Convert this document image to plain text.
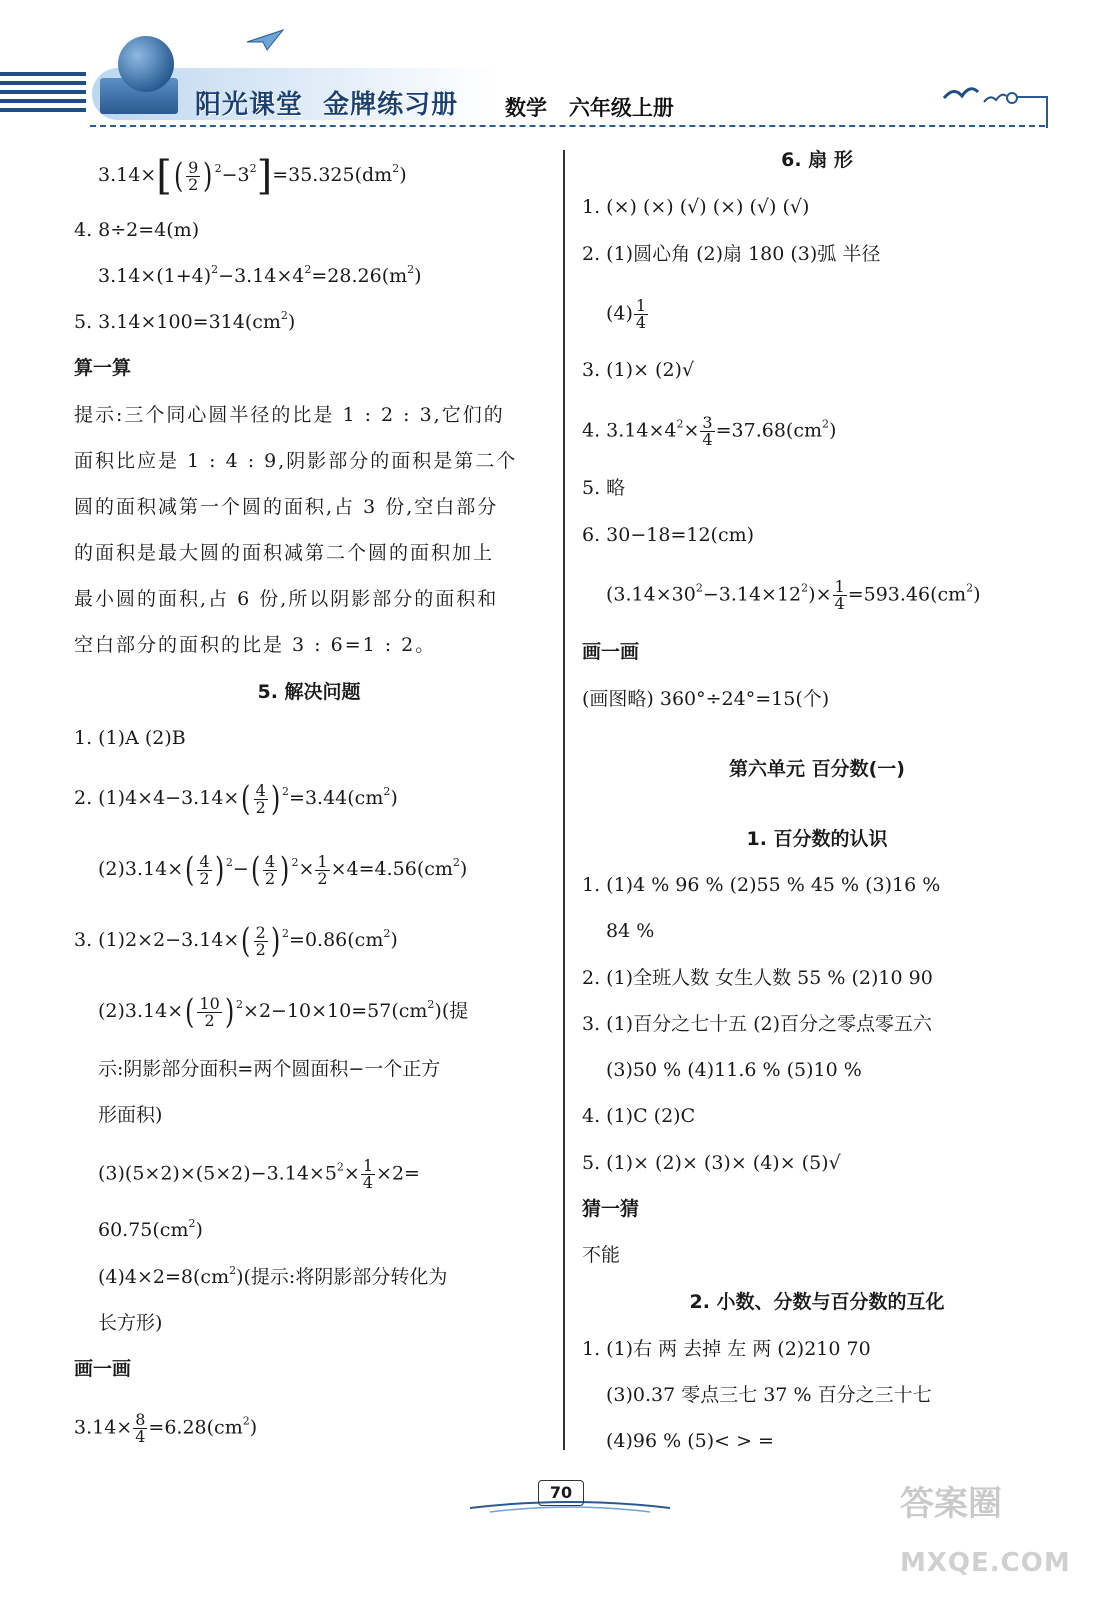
阳光课堂  金牌练习册 数学   六年级上册
$3.14\times[( \frac{9}{2}$ ) $^2-3^2]=35.325(dm^2)$
4. 8÷2=4(m)
$3.14\times(1+4)^2-3.14\times 4^2=28.26(m^2)$
5. $3.14\times 100=314(cm^2)$
算一算
提示:三个同心圆半径的比是 1 : 2 : 3,它们的
面积比应是 1 : 4 : 9,阴影部分的面积是第二个
圆的面积减第一个圆的面积,占 3 份,空白部分
的面积是最大圆的面积减第二个圆的面积加上
最小圆的面积,占 6 份,所以阴影部分的面积和
空白部分的面积的比是 3 : 6=1 : 2。
5. 解决问题
1. (1)A (2)B
2. $(1)4\times 4-3.14\times( \frac{4}{2}$ ) $^2=3.44(cm^2)$
$(2)3.14\times( \frac{4}{2}$ ) $^2-( \frac{4}{2}$ ) $^2\times \frac{1}{2} \times 4=4.56(cm^2)$
3. $(1)2\times 2-3.14\times( \frac{2}{2}$ ) $^2=0.86(cm^2)$
$(2)3.14\times( \frac{10}{2}$ ) $^2\times 2-10\times 10=57(cm^2)$(提
示:阴影部分面积=两个圆面积−一个正方
形面积)
$(3)(5\times 2)\times(5\times 2)-3.14\times 5^2\times \frac{1}{4} \times 2=$
$60.75(cm^2)$
$(4)4\times 2=8(cm^2)$(提示:将阴影部分转化为
长方形)
画一画
$3.14\times \frac{8}{4} =6.28(cm^2)$
6. 扇 形
1. (×) (×) (√) (×) (√) (√)
2. (1)圆心角 (2)扇 180 (3)弧 半径
$(4) \frac{1}{4}$
3. (1)× (2)√
4. $3.14\times 4^2\times \frac{3}{4} =37.68(cm^2)$
5. 略
6. 30−18=12(cm)
$(3.14\times 30^2-3.14\times 12^2)\times \frac{1}{4} =593.46(cm^2)$
画一画
(画图略) 360°÷24°=15(个)
第六单元 百分数(一)
1. 百分数的认识
1. (1)4 % 96 % (2)55 % 45 % (3)16 %
84 %
2. (1)全班人数 女生人数 55 % (2)10 90
3. (1)百分之七十五 (2)百分之零点零五六
(3)50 % (4)11.6 % (5)10 %
4. (1)C (2)C
5. (1)× (2)× (3)× (4)× (5)√
猜一猜
不能
2. 小数、分数与百分数的互化
1. (1)右 两 去掉 左 两 (2)210 70
(3)0.37 零点三七 37 % 百分之三十七
(4)96 % (5)< > =
70	答案圈
MXQE.COM
